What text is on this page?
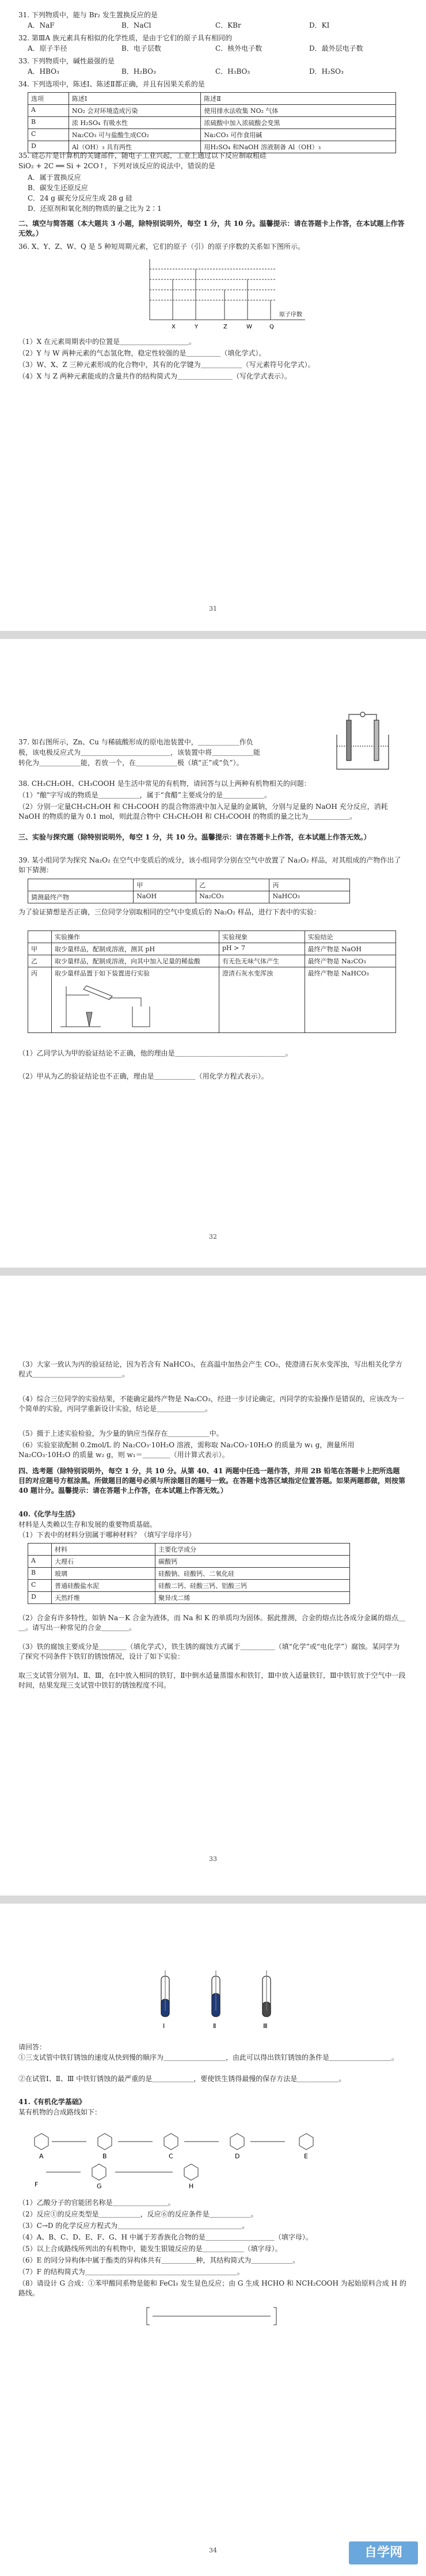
31. 下列物质中，能与 Br₂ 发生置换反应的是
A．NaF	B．NaCl	C．KBr	D．KI
32. 第ⅢA 族元素具有相似的化学性质，是由于它们的原子具有相同的
A．原子半径	B．电子层数	C．核外电子数	D．最外层电子数
33. 下列物质中，碱性最强的是
A．HBO₃	B．H₂BO₃	C．H₃BO₃	D．H₂SO₃
34. 下列选项中，陈述Ⅰ、陈述Ⅱ都正确，并且有因果关系的是
选项	陈述Ⅰ	陈述Ⅱ
A	NO₂ 会对环境造成污染	使用排水法收集 NO₂ 气体
B	浓 H₂SO₄ 有吸水性	浓硫酸中加入浓硫酸会变黑
C	Na₂CO₃ 可与盐酸生成CO₂	Na₂CO₃ 可作食用碱
D	Al（OH）₃ 具有两性	用H₂SO₄ 和NaOH 溶液制备 Al（OH）₃
35. 硅芯片是计算机的关键部件，随电子工业兴起，工业上通过以下反应制取粗硅
SiO₂ + 2C ══ Si + 2CO↑，下列对该反应的说法中，错误的是
A．属于置换反应
B．碳发生还原反应
C．24 g 碳充分反应生成 28 g 硅
D．还原剂和氧化剂的物质的量之比为 2∶1
二、填空与简答题（本大题共 3 小题，除特别说明外，每空 1 分，共 10 分。温馨提示：请在答题卡上作答，在本试题上作答无效。）
36. X、Y、Z、W、Q 是 5 种短周期元素，它们的原子（引）的原子序数的关系如下图所示。
X	Y	Z	W	Q
原子序数
（1）X 在元素周期表中的位置是＿＿＿＿＿＿＿＿＿＿。
（2）Y 与 W 两种元素的气态氢化物，稳定性较强的是＿＿＿＿＿（填化学式）。
（3）W、X、Z 三种元素形成的化合物中，其有的化学键为＿＿＿＿＿＿（写元素符号化学式）。
（4）X 与 Z 两种元素能成的含量共作的结构简式为＿＿＿＿＿＿＿＿（写化学式表示）。
31
37. 如右图所示，Zn、Cu 与稀硫酸形成的原电池装置中，＿＿＿＿＿＿作负
极，该电极反应式为＿＿＿＿＿＿＿＿＿＿＿＿＿，该装置中将＿＿＿＿＿＿能
转化为＿＿＿＿＿＿能，若放一个，在＿＿＿＿＿＿极（填“正”或“负”）。
38. CH₃CH₂OH、CH₃COOH 是生活中常见的有机物，请回答与以上两种有机物相关的问题：
（1）"酿"字写成的物质是＿＿＿＿＿＿，属于“食醋”主要成分的是＿＿＿＿＿＿。
（2）分别一定量CH₃CH₂OH 和 CH₃COOH 的混合物溶液中加入足量的金属钠，分别与足量的 NaOH 充分反应，消耗 NaOH 的物质的量为 0.1 mol，则此混合物中 CH₃CH₂OH 和 CH₃COOH 的物质的量之比为＿＿＿＿＿＿。
三、实验与探究题（除特别说明外，每空 1 分，共 10 分。温馨提示：请在答题卡上作答，在本试题上作答无效。）
39. 某小组同学为探究 Na₂O₂ 在空气中变质后的成分，该小组同学分别在空气中放置了 Na₂O₂ 样品，对其组成的产物作出了如下猜测：
	甲	乙	丙
猜测最终产物	NaOH	Na₂CO₃	NaHCO₃
为了验证猜想是否正确，三位同学分别取相同的空气中变质后的 Na₂O₂ 样品，进行下表中的实验：
	实验操作	实验现象	实验结论
甲	取少量样品，配制成溶液，测其 pH	pH > 7	最终产物是 NaOH
乙	取少量样品，配制成溶液，向其中加入足量的稀盐酸	有无色无味气体产生	最终产物是 Na₂CO₃
丙	取少量样品置于如下装置进行实验	澄清石灰水变浑浊	最终产物是 NaHCO₃
（1）乙同学认为甲的验证结论不正确，他的理由是＿＿＿＿＿＿＿＿＿＿＿＿＿＿＿＿。
（2）甲从为乙的验证结论也不正确，理由是＿＿＿＿＿＿（用化学方程式表示）。
32
（3）大家一致认为丙的验证结论，因为若含有 NaHCO₃，在高温中加热会产生 CO₂，使澄清石灰水变浑浊，写出相关化学方程式＿＿＿＿＿＿＿＿＿＿＿＿＿。
（4）综合三位同学的实验结果，不能确定最终产物是 Na₂CO₃，经进一步讨论确定，丙同学的实验操作是错误的，应该改为一个简单的实验，丙同学重新设计实验，结论是＿＿＿＿＿＿＿。
（5）摄于上述实验检验，为少量的钠应当保存在＿＿＿＿＿＿中。
（6）实验室欲配制 0.2mol/L 的 Na₂CO₃·10H₂O 溶液，需称取 Na₂CO₃·10H₂O 的质量为 w₁ g，测量所用 Na₂CO₃·10H₂O 的质量 w₂ g，则 w₁＝＿＿＿＿（用计算式表示）。
四、选考题（除特别说明外，每空 1 分，共 10 分。从第 40、41 两题中任选一题作答，并用 2B 铅笔在答题卡上把所选题目的对应题号方框涂黑。所做题目的题号必须与所涂题目的题号一致。在答题卡选答区域指定位置答题。如果两题都做，则按第 40 题计分。温馨提示：请在答题卡上作答，在本试题上作答无效。）
40.《化学与生活》
材料是人类赖以生存和发展的重要物质基础。
（1）下表中的材料分别属于哪种材料？（填写字母序号）
	材料	主要化学成分
A	大理石	碳酸钙
B	玻璃	硅酸钠、硅酸钙、二氧化硅
C	普通硅酸盐水泥	硅酸二钙、硅酸三钙、铝酸三钙
D	天然纤维	聚异戊二烯
（2）合金有许多特性，如钠 Na－K 合金为液体，而 Na 和 K 的单质均为固体。据此推测，合金的熔点比各成分金属的熔点＿＿。请写出一种常见的合金＿＿＿＿。
（3）铁的腐蚀主要成分是＿＿＿＿（填化学式），铁生锈的腐蚀方式属于＿＿＿＿＿（填“化学”或“电化学”）腐蚀。某同学为了探究不同条件下铁钉的锈蚀情况，设计了如下实验：
取三支试管分别为Ⅰ、Ⅱ、Ⅲ，在Ⅰ中放入相同的铁钉，Ⅱ中倒水适量蒸馏水和铁钉，Ⅲ中放入适量铁钉，Ⅲ中铁钉放于空气中一段时间，结果发现三支试管中铁钉的锈蚀程度不同。
33
Ⅰ	Ⅱ	Ⅲ
请回答：
①三支试管中铁钉锈蚀的速度从快到慢的顺序为＿＿＿＿＿＿＿＿＿，由此可以得出铁钉锈蚀的条件是＿＿＿＿＿＿＿＿＿。
②在试管Ⅰ、Ⅱ、Ⅲ 中铁钉锈蚀的最严重的是＿＿＿＿＿＿，要使铁生锈得最慢的保存方法是＿＿＿＿＿＿。
41.《有机化学基础》
某有机物的合成路线如下：
A	B	C	D	E
F	G	H
（1）乙酸分子的官能团名称是＿＿＿＿＿＿＿＿。
（2）反应①的反应类型是＿＿＿＿＿＿，反应⑥的反应条件是＿＿＿＿＿＿。
（3）C→D 的化学反应方程式为＿＿＿＿＿＿＿＿＿＿＿＿＿＿＿＿＿＿。
（4）A、B、C、D、E、F、G、H 中属于芳香族化合物的是＿＿＿＿＿＿＿＿＿＿（填字母）。
（5）以上合成路线所列出的有机物中，能发生银镜反应的是＿＿＿＿＿＿（填字母）。
（6）E 的同分异构体中属于酯类的异构体共有＿＿＿＿＿种，其结构简式为＿＿＿＿＿＿。
（7）F 的结构简式为＿＿＿＿＿＿＿＿＿＿＿＿＿＿＿＿＿＿＿＿＿＿。
（8）请设计 G 合成：①苯甲酸同系物是能和 FeCl₃ 发生显色反应；由 G 生成 HCHO 和 NCH₂COOH 为起始原料合成 H 的路线。
34	自学网
